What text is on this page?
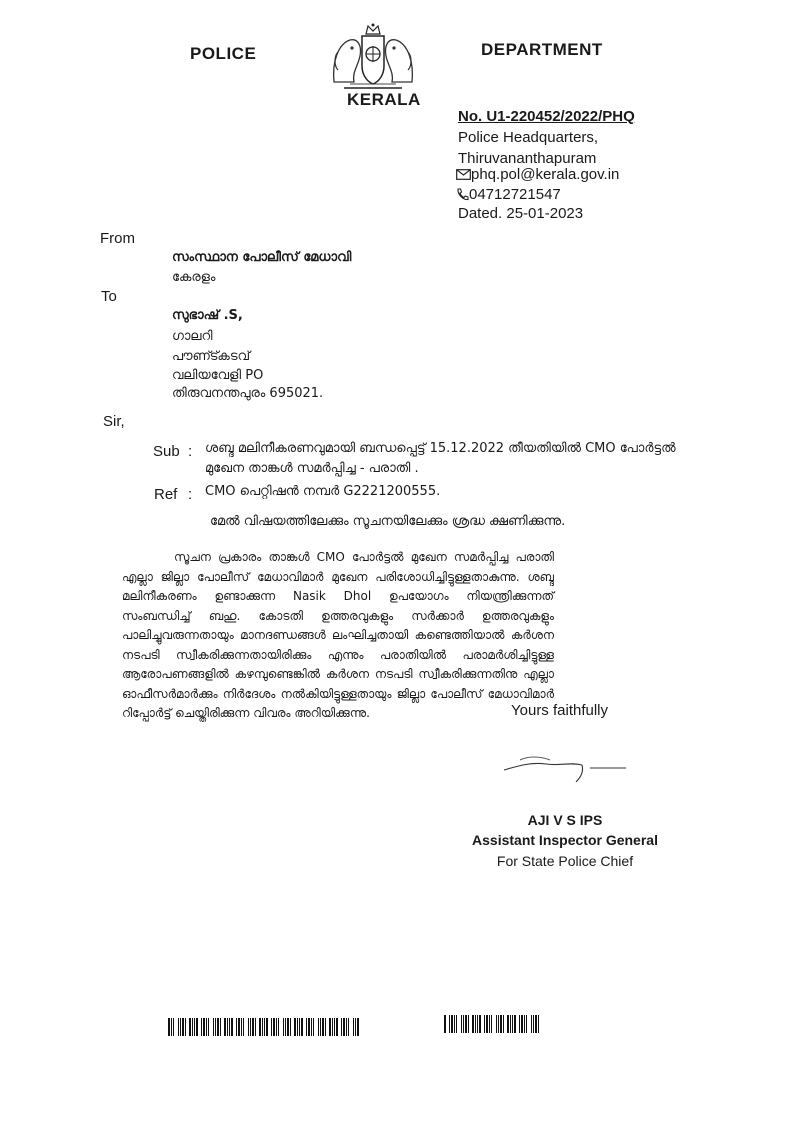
POLICE	DEPARTMENT
KERALA
No. U1-220452/2022/PHQ
Police Headquarters,
Thiruvananthapuram
phq.pol@kerala.gov.in
04712721547
Dated. 25-01-2023
From
സംസ്ഥാന പോലീസ് മേധാവി
കേരളം
To
സുഭാഷ് .S,
ഗാലറി
പൗണ്ട്കടവ്
വലിയവേളി PO
തിരുവനന്തപുരം 695021.
Sir,
Sub : ശബ്ദ മലിനീകരണവുമായി ബന്ധപ്പെട്ട് 15.12.2022 തീയതിയിൽ CMO പോർട്ടൽ
മുഖേന താങ്കൾ സമർപ്പിച്ച - പരാതി .
Ref : CMO പെറ്റിഷൻ നമ്പർ G2221200555.
മേൽ വിഷയത്തിലേക്കും സൂചനയിലേക്കും ശ്രദ്ധ ക്ഷണിക്കുന്നു.
സൂചന പ്രകാരം താങ്കൾ CMO പോർട്ടൽ മുഖേന സമർപ്പിച്ച പരാതി എല്ലാ ജില്ലാ പോലീസ് മേധാവിമാർ മുഖേന പരിശോധിച്ചിട്ടുള്ളതാകുന്നു. ശബ്ദ മലിനീകരണം ഉണ്ടാക്കുന്ന Nasik Dhol ഉപയോഗം നിയന്ത്രിക്കുന്നത് സംബന്ധിച്ച് ബഹു. കോടതി ഉത്തരവുകളും സർക്കാർ ഉത്തരവുകളും പാലിച്ചുവരുന്നതായും മാനദണ്ഡങ്ങൾ ലംഘിച്ചതായി കണ്ടെത്തിയാൽ കർശന നടപടി സ്വീകരിക്കുന്നതായിരിക്കും എന്നും പരാതിയിൽ പരാമർശിച്ചിട്ടുള്ള ആരോപണങ്ങളിൽ കഴമ്പുണ്ടെങ്കിൽ കർശന നടപടി സ്വീകരിക്കുന്നതിനു എല്ലാ ഓഫീസർമാർക്കും നിർദേശം നൽകിയിട്ടുള്ളതായും ജില്ലാ പോലീസ് മേധാവിമാർ റിപ്പോർട്ട് ചെയ്തിരിക്കുന്ന വിവരം അറിയിക്കുന്നു.	Yours faithfully
AJI V S IPS
Assistant Inspector General
For State Police Chief
